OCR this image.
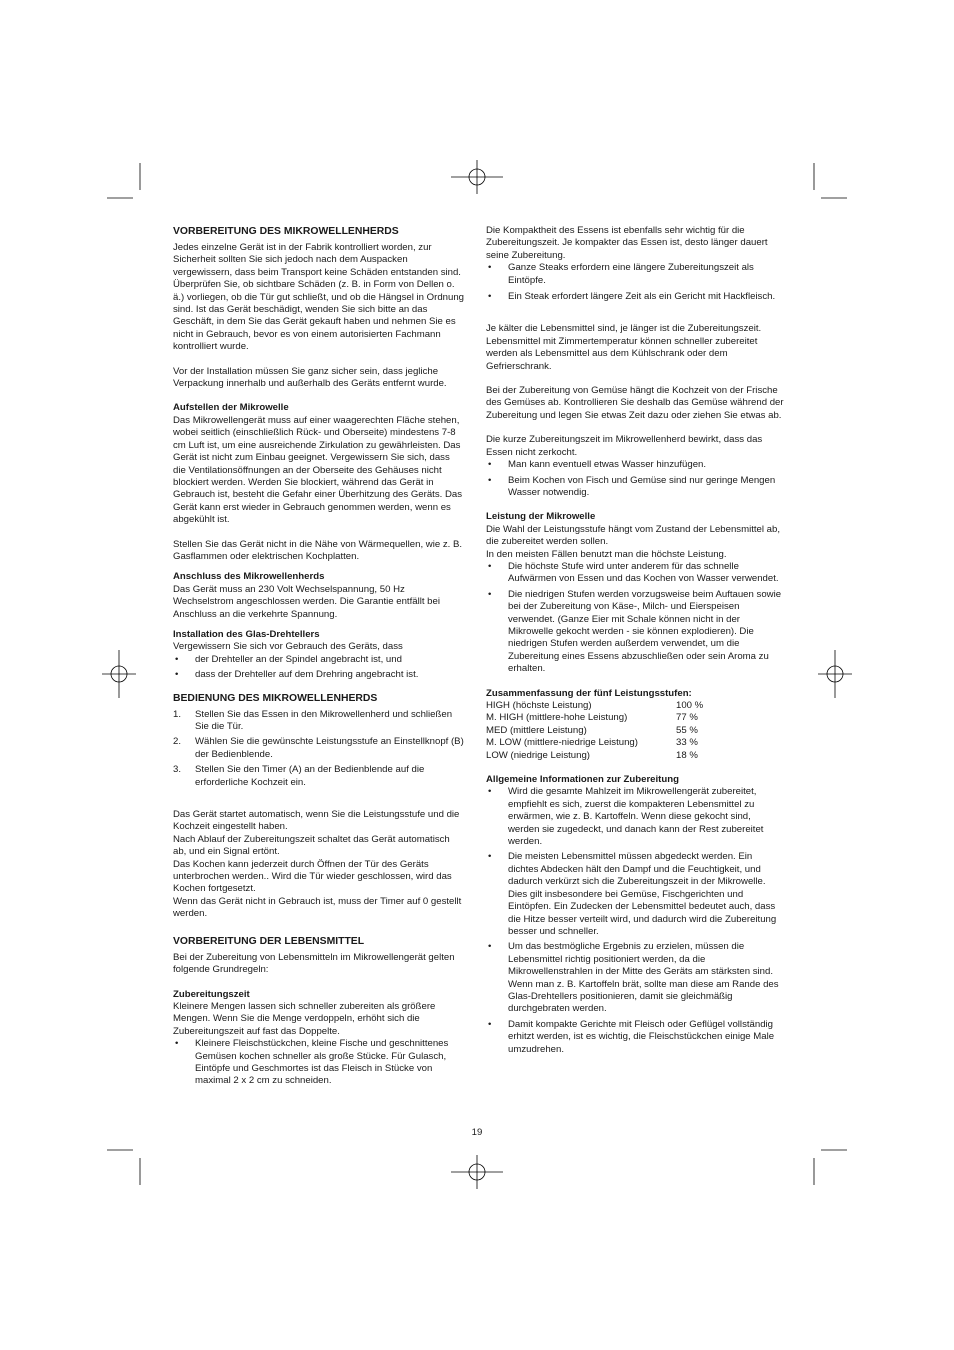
VORBEREITUNG DES MIKROWELLENHERDS

Jedes einzelne Gerät ist in der Fabrik kontrolliert worden, zur Sicherheit sollten Sie sich jedoch nach dem Auspacken vergewissern, dass beim Transport keine Schäden entstanden sind. Überprüfen Sie, ob sichtbare Schäden (z. B. in Form von Dellen o. ä.) vorliegen, ob die Tür gut schließt, und ob die Hängsel in Ordnung sind. Ist das Gerät beschädigt, wenden Sie sich bitte an das Geschäft, in dem Sie das Gerät gekauft haben und nehmen Sie es nicht in Gebrauch, bevor es von einem autorisierten Fachmann kontrolliert wurde.

Vor der Installation müssen Sie ganz sicher sein, dass jegliche Verpackung innerhalb und außerhalb des Geräts entfernt wurde.

Aufstellen der Mikrowelle

Das Mikrowellengerät muss auf einer waagerechten Fläche stehen, wobei seitlich (einschließlich Rück- und Oberseite) mindestens 7-8 cm Luft ist, um eine ausreichende Zirkulation zu gewährleisten. Das Gerät ist nicht zum Einbau geeignet. Vergewissern Sie sich, dass die Ventilationsöffnungen an der Oberseite des Gehäuses nicht blockiert werden. Werden Sie blockiert, während das Gerät in Gebrauch ist, besteht die Gefahr einer Überhitzung des Geräts. Das Gerät kann erst wieder in Gebrauch genommen werden, wenn es abgekühlt ist.

Stellen Sie das Gerät nicht in die Nähe von Wärmequellen, wie z. B. Gasflammen oder elektrischen Kochplatten.

Anschluss des Mikrowellenherds

Das Gerät muss an 230 Volt Wechselspannung, 50 Hz Wechselstrom angeschlossen werden. Die Garantie entfällt bei Anschluss an die verkehrte Spannung.

Installation des Glas-Drehtellers

Vergewissern Sie sich vor Gebrauch des Geräts, dass

• der Drehteller an der Spindel angebracht ist, und
• dass der Drehteller auf dem Drehring angebracht ist.
BEDIENUNG DES MIKROWELLENHERDS
1. Stellen Sie das Essen in den Mikrowellenherd und schließen Sie die Tür.
2. Wählen Sie die gewünschte Leistungsstufe an Einstellknopf (B) der Bedienblende.
3. Stellen Sie den Timer (A) an der Bedienblende auf die erforderliche Kochzeit ein.

Das Gerät startet automatisch, wenn Sie die Leistungsstufe und die Kochzeit eingestellt haben.

Nach Ablauf der Zubereitungszeit schaltet das Gerät automatisch ab, und ein Signal ertönt.

Das Kochen kann jederzeit durch Öffnen der Tür des Geräts unterbrochen werden.. Wird die Tür wieder geschlossen, wird das Kochen fortgesetzt.

Wenn das Gerät nicht in Gebrauch ist, muss der Timer auf 0 gestellt werden.

VORBEREITUNG DER LEBENSMITTEL

Bei der Zubereitung von Lebensmitteln im Mikrowellengerät gelten folgende Grundregeln:

Zubereitungszeit

Kleinere Mengen lassen sich schneller zubereiten als größere Mengen. Wenn Sie die Menge verdoppeln, erhöht sich die Zubereitungszeit auf fast das Doppelte.

• Kleinere Fleischstückchen, kleine Fische und geschnittenes Gemüsen kochen schneller als große Stücke. Für Gulasch, Eintöpfe und Geschmortes ist das Fleisch in Stücke von maximal 2 x 2 cm zu schneiden.

Die Kompaktheit des Essens ist ebenfalls sehr wichtig für die Zubereitungszeit. Je kompakter das Essen ist, desto länger dauert seine Zubereitung.

• Ganze Steaks erfordern eine längere Zubereitungszeit als Eintöpfe.
• Ein Steak erfordert längere Zeit als ein Gericht mit Hackfleisch.

Je kälter die Lebensmittel sind, je länger ist die Zubereitungszeit. Lebensmittel mit Zimmertemperatur können schneller zubereitet werden als Lebensmittel aus dem Kühlschrank oder dem Gefrierschrank.

Bei der Zubereitung von Gemüse hängt die Kochzeit von der Frische des Gemüses ab. Kontrollieren Sie deshalb das Gemüse während der Zubereitung und legen Sie etwas Zeit dazu oder ziehen Sie etwas ab.

Die kurze Zubereitungszeit im Mikrowellenherd bewirkt, dass das Essen nicht zerkocht.

• Man kann eventuell etwas Wasser hinzufügen.
• Beim Kochen von Fisch und Gemüse sind nur geringe Mengen Wasser notwendig.

Leistung der Mikrowelle

Die Wahl der Leistungsstufe hängt vom Zustand der Lebensmittel ab, die zubereitet werden sollen.

In den meisten Fällen benutzt man die höchste Leistung.

• Die höchste Stufe wird unter anderem für das schnelle Aufwärmen von Essen und das Kochen von Wasser verwendet.
• Die niedrigen Stufen werden vorzugsweise beim Auftauen sowie bei der Zubereitung von Käse-, Milch- und Eierspeisen verwendet. (Ganze Eier mit Schale können nicht in der Mikrowelle gekocht werden - sie können explodieren). Die niedrigen Stufen werden außerdem verwendet, um die Zubereitung eines Essens abzuschließen oder sein Aroma zu erhalten.

Zusammenfassung der fünf Leistungsstufen:

HIGH (höchste Leistung)	100 %
M. HIGH (mittlere-hohe Leistung)	77 %
MED (mittlere Leistung)	55 %
M. LOW (mittlere-niedrige Leistung)	33 %
LOW (niedrige Leistung)	18 %

Allgemeine Informationen zur Zubereitung

• Wird die gesamte Mahlzeit im Mikrowellengerät zubereitet, empfiehlt es sich, zuerst die kompakteren Lebensmittel zu erwärmen, wie z. B. Kartoffeln. Wenn diese gekocht sind, werden sie zugedeckt, und danach kann der Rest zubereitet werden.
• Die meisten Lebensmittel müssen abgedeckt werden. Ein dichtes Abdecken hält den Dampf und die Feuchtigkeit, und dadurch verkürzt sich die Zubereitungszeit in der Mikrowelle. Dies gilt insbesondere bei Gemüse, Fischgerichten und Eintöpfen. Ein Zudecken der Lebensmittel bedeutet auch, dass die Hitze besser verteilt wird, und dadurch wird die Zubereitung besser und schneller.
• Um das bestmögliche Ergebnis zu erzielen, müssen die Lebensmittel richtig positioniert werden, da die Mikrowellenstrahlen in der Mitte des Geräts am stärksten sind. Wenn man z. B. Kartoffeln brät, sollte man diese am Rande des Glas-Drehtellers positionieren, damit sie gleichmäßig durchgebraten werden.
• Damit kompakte Gerichte mit Fleisch oder Geflügel vollständig erhitzt werden, ist es wichtig, die Fleischstückchen einige Male umzudrehen.
19
